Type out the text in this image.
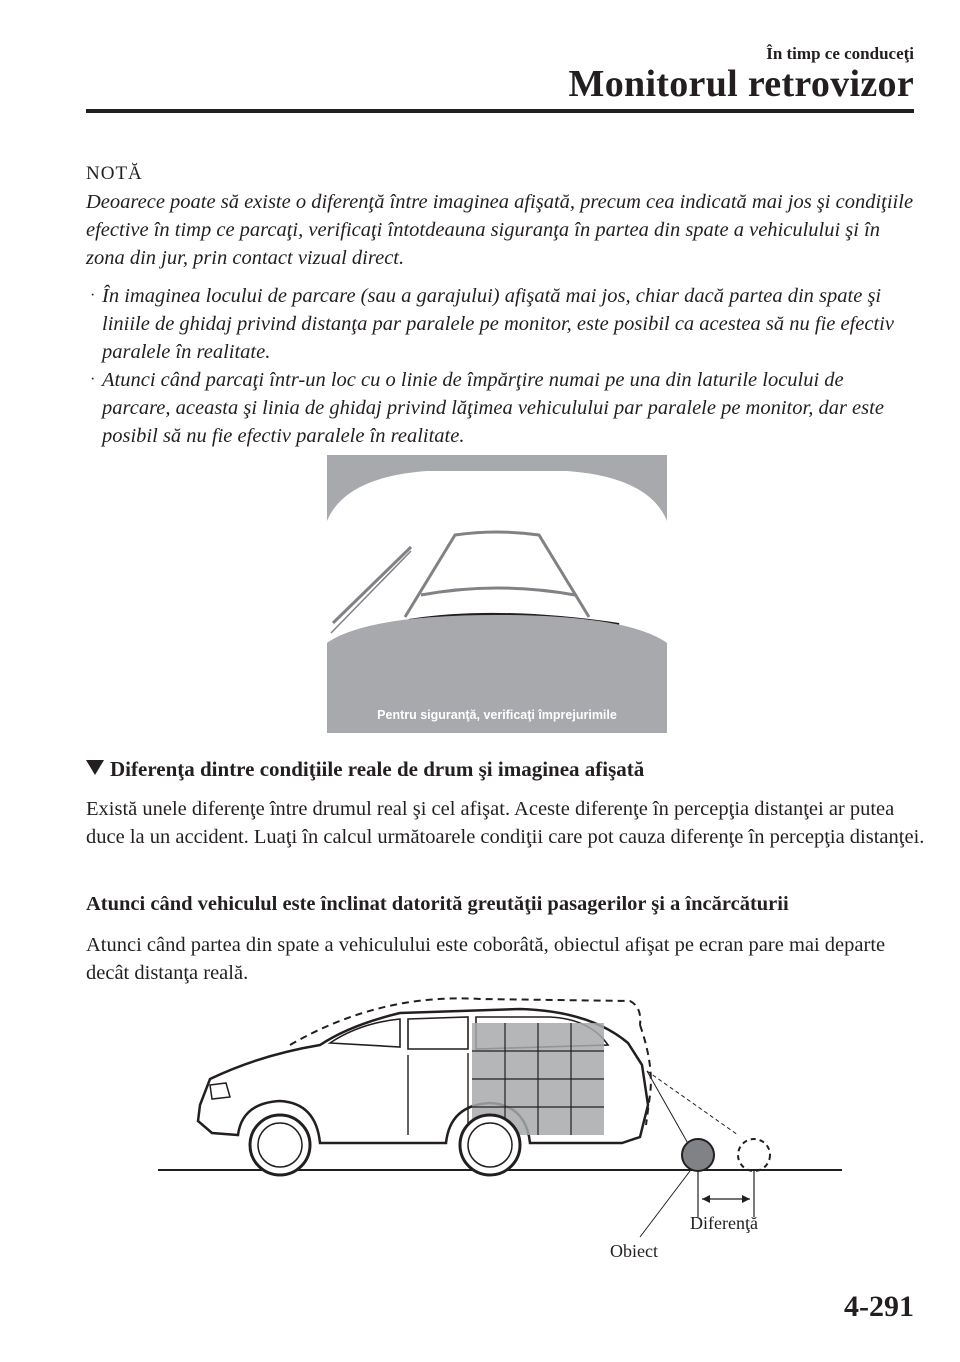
În timp ce conduceţi
Monitorul retrovizor
NOTĂ
Deoarece poate să existe o diferenţă între imaginea afişată, precum cea indicată mai jos şi condiţiile efective în timp ce parcaţi, verificaţi întotdeauna siguranţa în partea din spate a vehiculului şi în zona din jur, prin contact vizual direct.
· În imaginea locului de parcare (sau a garajului) afişată mai jos, chiar dacă partea din spate şi liniile de ghidaj privind distanţa par paralele pe monitor, este posibil ca acestea să nu fie efectiv paralele în realitate.
· Atunci când parcaţi într-un loc cu o linie de împărţire numai pe una din laturile locului de parcare, aceasta şi linia de ghidaj privind lăţimea vehiculului par paralele pe monitor, dar este posibil să nu fie efectiv paralele în realitate.
Pentru siguranţă, verificaţi împrejurimile
Diferenţa dintre condiţiile reale de drum şi imaginea afişată
Există unele diferenţe între drumul real şi cel afişat. Aceste diferenţe în percepţia distanţei ar putea duce la un accident. Luaţi în calcul următoarele condiţii care pot cauza diferenţe în percepţia distanţei.
Atunci când vehiculul este înclinat datorită greutăţii pasagerilor şi a încărcăturii
Atunci când partea din spate a vehiculului este coborâtă, obiectul afişat pe ecran pare mai departe decât distanţa reală.
Diferenţă
Obiect
4-291
